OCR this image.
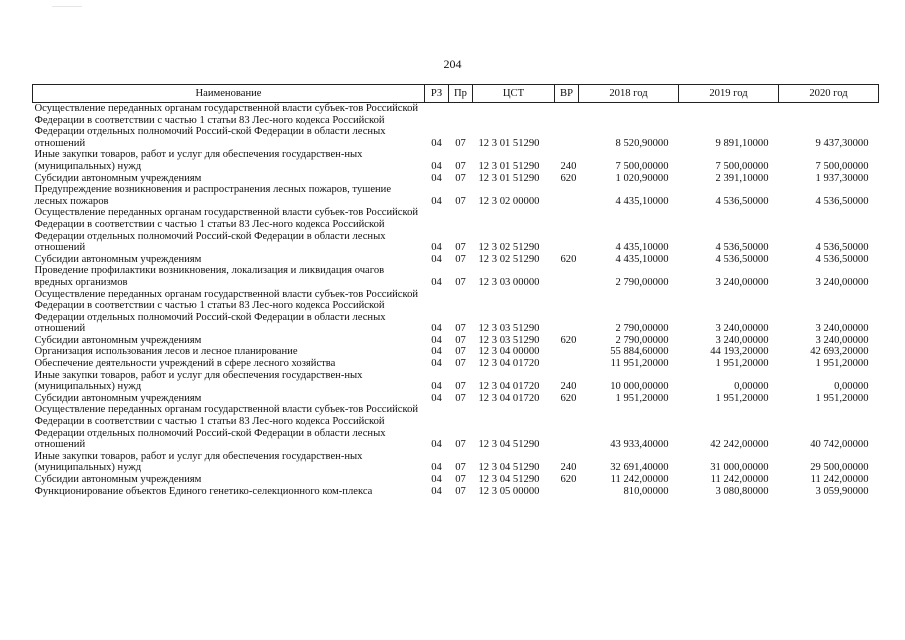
204
Наименование	РЗ	Пр	ЦСТ	ВР	2018 год	2019 год	2020 год
Осуществление переданных органам государственной власти субъек-тов Российской Федерации в соответствии с частью 1 статьи 83 Лес-ного кодекса Российской Федерации отдельных полномочий Россий-ской Федерации в области лесных отношений	04	07	12 3 01 51290		8 520,90000	9 891,10000	9 437,30000
Иные закупки товаров, работ и услуг для обеспечения государствен-ных (муниципальных) нужд	04	07	12 3 01 51290	240	7 500,00000	7 500,00000	7 500,00000
Субсидии автономным учреждениям	04	07	12 3 01 51290	620	1 020,90000	2 391,10000	1 937,30000
Предупреждение возникновения и распространения лесных пожаров, тушение лесных пожаров	04	07	12 3 02 00000		4 435,10000	4 536,50000	4 536,50000
Осуществление переданных органам государственной власти субъек-тов Российской Федерации в соответствии с частью 1 статьи 83 Лес-ного кодекса Российской Федерации отдельных полномочий Россий-ской Федерации в области лесных отношений	04	07	12 3 02 51290		4 435,10000	4 536,50000	4 536,50000
Субсидии автономным учреждениям	04	07	12 3 02 51290	620	4 435,10000	4 536,50000	4 536,50000
Проведение профилактики возникновения, локализация и ликвидация очагов вредных организмов	04	07	12 3 03 00000		2 790,00000	3 240,00000	3 240,00000
Осуществление переданных органам государственной власти субъек-тов Российской Федерации в соответствии с частью 1 статьи 83 Лес-ного кодекса Российской Федерации отдельных полномочий Россий-ской Федерации в области лесных отношений	04	07	12 3 03 51290		2 790,00000	3 240,00000	3 240,00000
Субсидии автономным учреждениям	04	07	12 3 03 51290	620	2 790,00000	3 240,00000	3 240,00000
Организация использования лесов и лесное планирование	04	07	12 3 04 00000		55 884,60000	44 193,20000	42 693,20000
Обеспечение деятельности учреждений в сфере лесного хозяйства	04	07	12 3 04 01720		11 951,20000	1 951,20000	1 951,20000
Иные закупки товаров, работ и услуг для обеспечения государствен-ных (муниципальных) нужд	04	07	12 3 04 01720	240	10 000,00000	0,00000	0,00000
Субсидии автономным учреждениям	04	07	12 3 04 01720	620	1 951,20000	1 951,20000	1 951,20000
Осуществление переданных органам государственной власти субъек-тов Российской Федерации в соответствии с частью 1 статьи 83 Лес-ного кодекса Российской Федерации отдельных полномочий Россий-ской Федерации в области лесных отношений	04	07	12 3 04 51290		43 933,40000	42 242,00000	40 742,00000
Иные закупки товаров, работ и услуг для обеспечения государствен-ных (муниципальных) нужд	04	07	12 3 04 51290	240	32 691,40000	31 000,00000	29 500,00000
Субсидии автономным учреждениям	04	07	12 3 04 51290	620	11 242,00000	11 242,00000	11 242,00000
Функционирование объектов Единого генетико-селекционного ком-плекса	04	07	12 3 05 00000		810,00000	3 080,80000	3 059,90000
